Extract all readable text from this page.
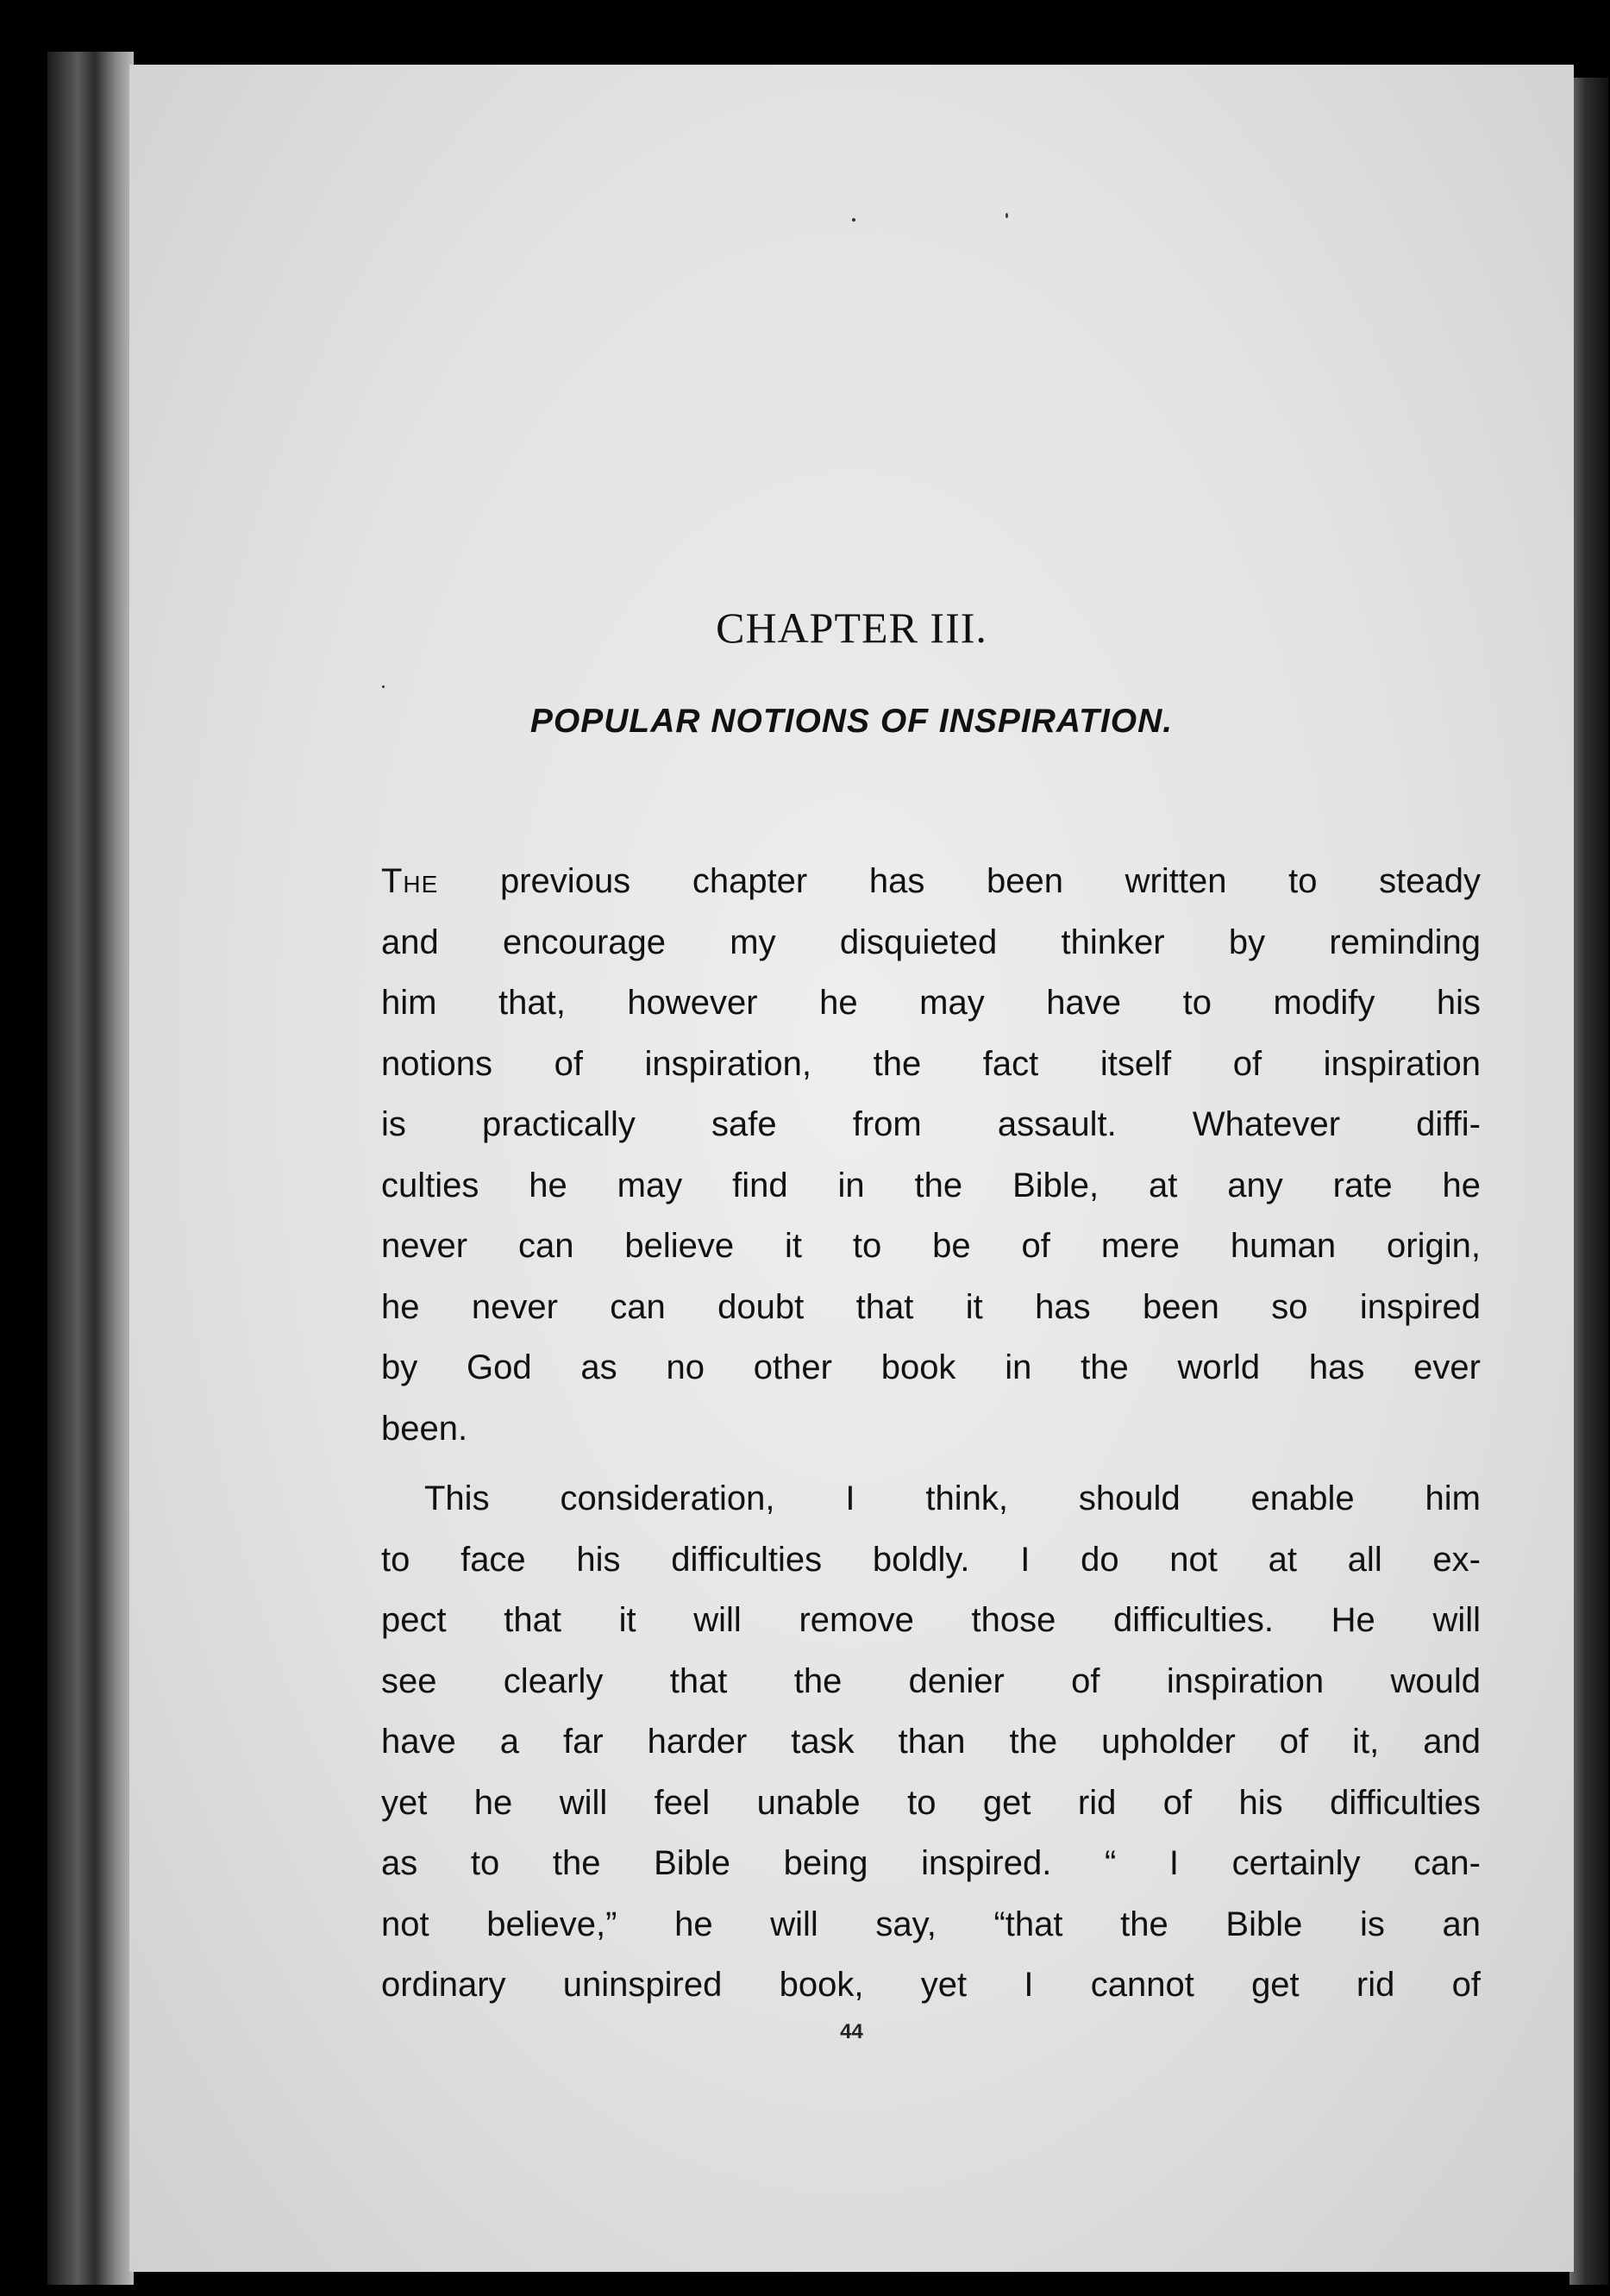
CHAPTER III.
POPULAR NOTIONS OF INSPIRATION.
The previous chapter has been written to steady
and encourage my disquieted thinker by reminding
him that, however he may have to modify his
notions of inspiration, the fact itself of inspiration
is practically safe from assault. Whatever diffi-
culties he may find in the Bible, at any rate he
never can believe it to be of mere human origin,
he never can doubt that it has been so inspired
by God as no other book in the world has ever
been.
This consideration, I think, should enable him
to face his difficulties boldly. I do not at all ex-
pect that it will remove those difficulties. He will
see clearly that the denier of inspiration would
have a far harder task than the upholder of it, and
yet he will feel unable to get rid of his difficulties
as to the Bible being inspired. “ I certainly can-
not believe,” he will say, “that the Bible is an
ordinary uninspired book, yet I cannot get rid of
44
